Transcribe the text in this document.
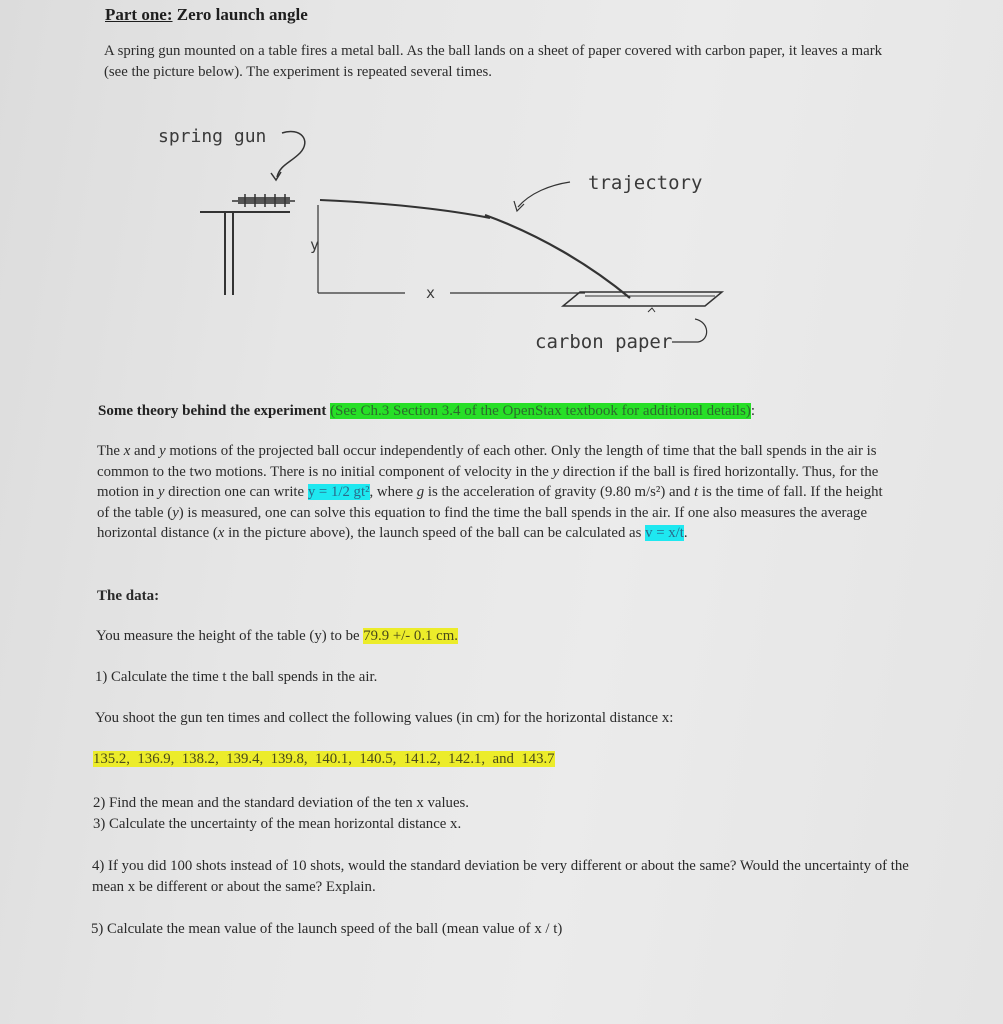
Part one: Zero launch angle
A spring gun mounted on a table fires a metal ball. As the ball lands on a sheet of paper covered with carbon paper, it leaves a mark (see the picture below). The experiment is repeated several times.
spring gun
trajectory
y
x
carbon paper
Some theory behind the experiment (See Ch.3 Section 3.4 of the OpenStax textbook for additional details):
The x and y motions of the projected ball occur independently of each other. Only the length of time that the ball spends in the air is common to the two motions. There is no initial component of velocity in the y direction if the ball is fired horizontally. Thus, for the motion in y direction one can write y = 1/2 gt², where g is the acceleration of gravity (9.80 m/s²) and t is the time of fall. If the height of the table (y) is measured, one can solve this equation to find the time the ball spends in the air. If one also measures the average horizontal distance (x in the picture above), the launch speed of the ball can be calculated as v = x/t.
The data:
You measure the height of the table (y) to be 79.9 +/- 0.1 cm.
1) Calculate the time t the ball spends in the air.
You shoot the gun ten times and collect the following values (in cm) for the horizontal distance x:
135.2,  136.9,  138.2,  139.4,  139.8,  140.1,  140.5,  141.2,  142.1,  and  143.7
2) Find the mean and the standard deviation of the ten x values.
3) Calculate the uncertainty of the mean horizontal distance x.
4) If you did 100 shots instead of 10 shots, would the standard deviation be very different or about the same? Would the uncertainty of the mean x be different or about the same? Explain.
5) Calculate the mean value of the launch speed of the ball (mean value of x / t)
